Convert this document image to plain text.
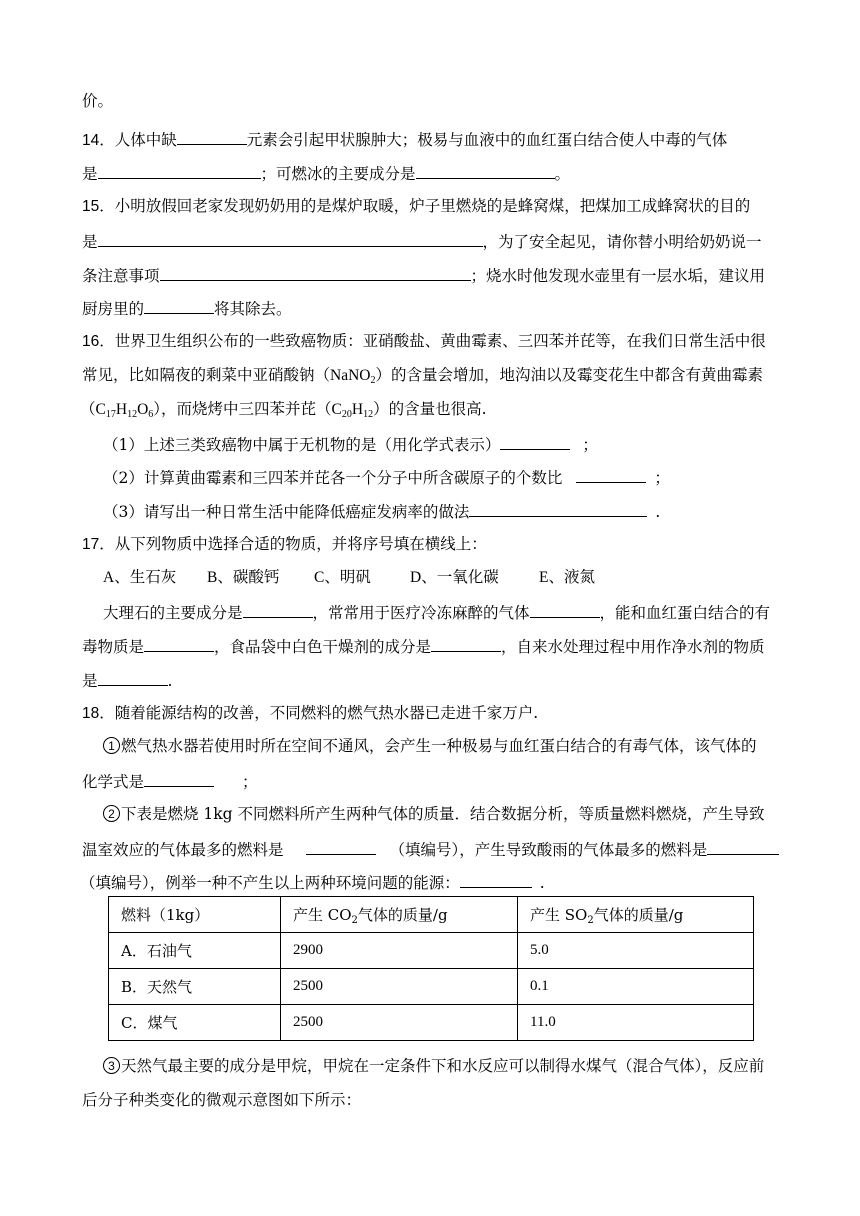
价。
14．人体中缺	元素会引起甲状腺肿大；极易与血液中的血红蛋白结合使人中毒的气体
是	；可燃冰的主要成分是	。
15．小明放假回老家发现奶奶用的是煤炉取暖，炉子里燃烧的是蜂窝煤，把煤加工成蜂窝状的目的
是	，为了安全起见，请你替小明给奶奶说一
条注意事项	；烧水时他发现水壶里有一层水垢，建议用
厨房里的	将其除去。
16．世界卫生组织公布的一些致癌物质：亚硝酸盐、黄曲霉素、三四苯并芘等，在我们日常生活中很
常见，比如隔夜的剩菜中亚硝酸钠（NaNO$_2$）的含量会增加，地沟油以及霉变花生中都含有黄曲霉素
$(C_{17}H_{12}O_6)$，而烧烤中三四苯并芘$(C_{20}H_{12})$的含量也很高.
（1）上述三类致癌物中属于无机物的是（用化学式表示）	；
（2）计算黄曲霉素和三四苯并芘各一个分子中所含碳原子的个数比	；
（3）请写出一种日常生活中能降低癌症发病率的做法	.
17．从下列物质中选择合适的物质，并将序号填在横线上：
A、生石灰 B、碳酸钙 C、明矾	D、一氧化碳	E、液氮
大理石的主要成分是	，常常用于医疗冷冻麻醉的气体	，能和血红蛋白结合的有
毒物质是	，食品袋中白色干燥剂的成分是	，自来水处理过程中用作净水剂的物质
是	.
18．随着能源结构的改善，不同燃料的燃气热水器已走进千家万户.
1 燃气热水器若使用时所在空间不通风，会产生一种极易与血红蛋白结合的有毒气体，该气体的
化学式是	；
2 下表是燃烧 1kg 不同燃料所产生两种气体的质量．结合数据分析，等质量燃料燃烧，产生导致
温室效应的气体最多的燃料是	（填编号），产生导致酸雨的气体最多的燃料是
（填编号），例举一种不产生以上两种环境问题的能源：	.
燃料（1kg）	产生 $CO_2$气体的质量/g	产生 $SO_2$气体的质量/g
A．石油气	2900	5.0
B．天然气	2500	0.1
C．煤气	2500	11.0
3 天然气最主要的成分是甲烷，甲烷在一定条件下和水反应可以制得水煤气（混合气体），反应前
后分子种类变化的微观示意图如下所示：
